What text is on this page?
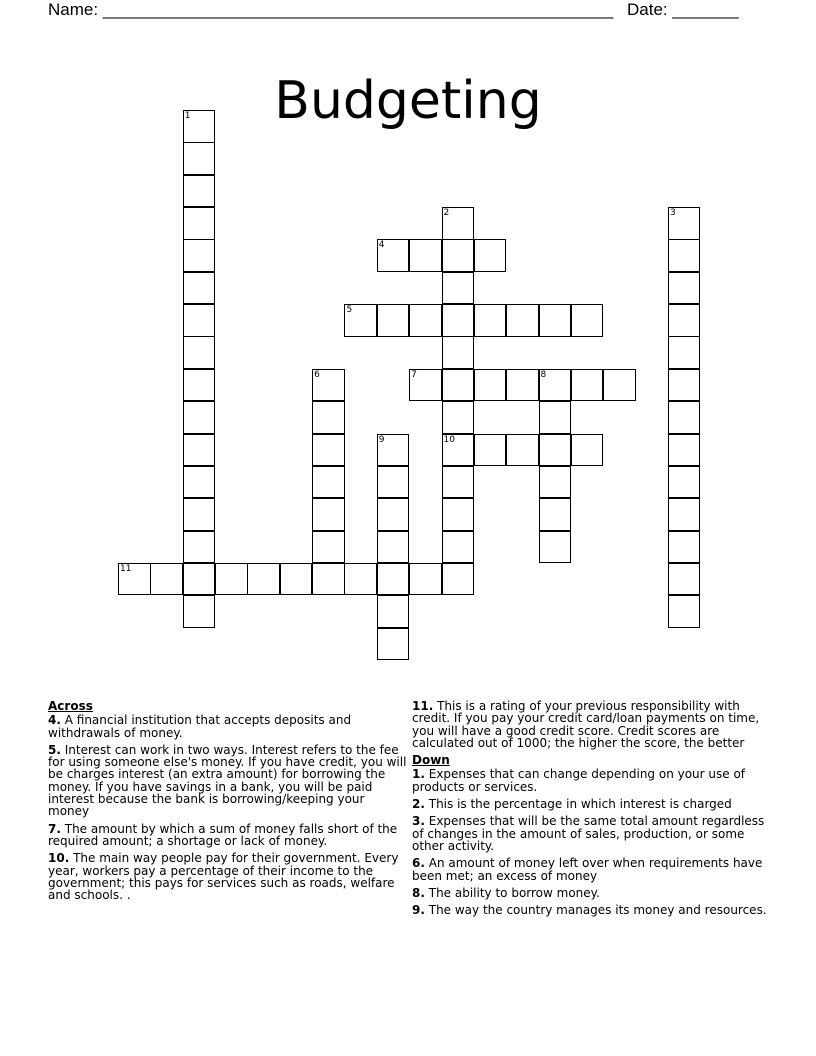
Name: ______________________________________________________ Date: _______
Budgeting
1
2	3
4
5
6	7	8
9
11
10
Across
4. A financial institution that accepts deposits and withdrawals of money.
5. Interest can work in two ways. Interest refers to the fee for using someone else's money. If you have credit, you will be charges interest (an extra amount) for borrowing the money. If you have savings in a bank, you will be paid interest because the bank is borrowing/keeping your money
7. The amount by which a sum of money falls short of the required amount; a shortage or lack of money.
10. The main way people pay for their government. Every year, workers pay a percentage of their income to the government; this pays for services such as roads, welfare and schools. .
11. This is a rating of your previous responsibility with credit. If you pay your credit card/loan payments on time, you will have a good credit score. Credit scores are calculated out of 1000; the higher the score, the better
Down
1. Expenses that can change depending on your use of products or services.
2. This is the percentage in which interest is charged
3. Expenses that will be the same total amount regardless of changes in the amount of sales, production, or some other activity.
6. An amount of money left over when requirements have been met; an excess of money
8. The ability to borrow money.
9. The way the country manages its money and resources.
